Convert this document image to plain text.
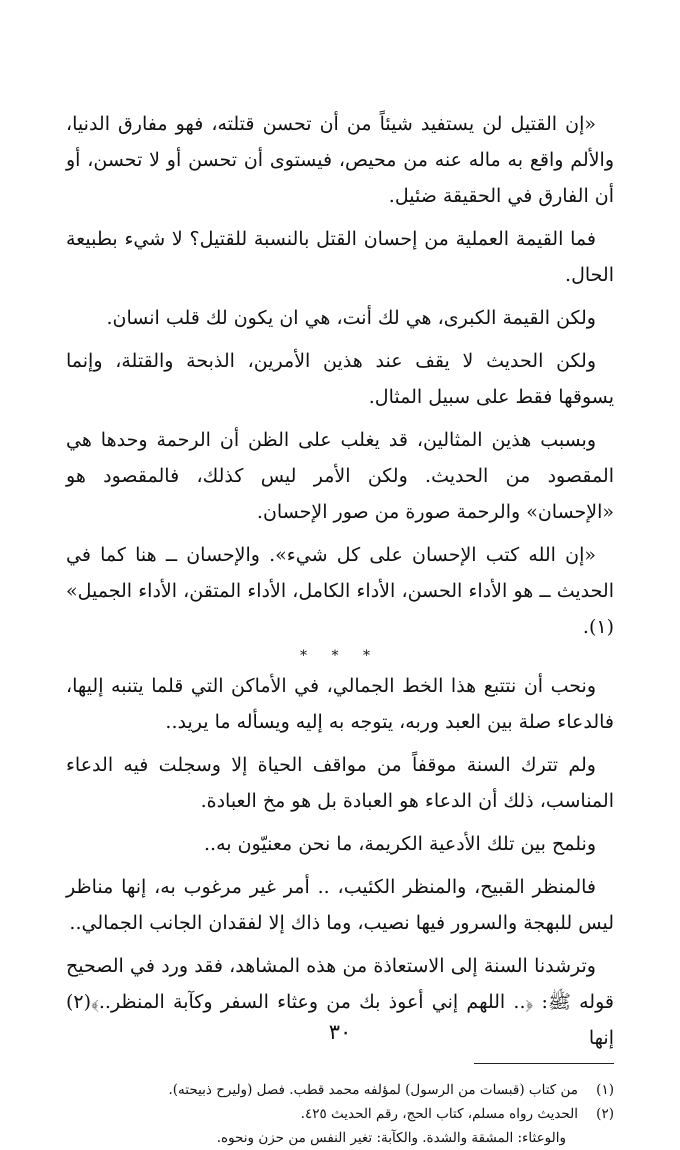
«إن القتيل لن يستفيد شيئاً من أن تحسن قتلته، فهو مفارق الدنيا، والألم واقع به ماله عنه من محيص، فيستوى أن تحسن أو لا تحسن، أو أن الفارق في الحقيقة ضئيل.

فما القيمة العملية من إحسان القتل بالنسبة للقتيل؟ لا شيء بطبيعة الحال.

ولكن القيمة الكبرى، هي لك أنت، هي ان يكون لك قلب انسان.

ولكن الحديث لا يقف عند هذين الأمرين، الذبحة والقتلة، وإنما يسوقها فقط على سبيل المثال.

وبسبب هذين المثالين، قد يغلب على الظن أن الرحمة وحدها هي المقصود من الحديث. ولكن الأمر ليس كذلك، فالمقصود هو «الإحسان» والرحمة صورة من صور الإحسان.

«إن الله كتب الإحسان على كل شيء». والإحسان ــ هنا كما في الحديث ــ هو الأداء الحسن، الأداء الكامل، الأداء المتقن، الأداء الجميل» (١).

* * *

ونحب أن نتتبع هذا الخط الجمالي، في الأماكن التي قلما يتنبه إليها، فالدعاء صلة بين العبد وربه، يتوجه به إليه ويسأله ما يريد..

ولم تترك السنة موقفاً من مواقف الحياة إلا وسجلت فيه الدعاء المناسب، ذلك أن الدعاء هو العبادة بل هو مخ العبادة.

ونلمح بين تلك الأدعية الكريمة، ما نحن معنيّون به..

فالمنظر القبيح، والمنظر الكئيب، .. أمر غير مرغوب به، إنها مناظر ليس للبهجة والسرور فيها نصيب، وما ذاك إلا لفقدان الجانب الجمالي..

وترشدنا السنة إلى الاستعاذة من هذه المشاهد، فقد ورد في الصحيح قوله ﷺ: ﴿.. اللهم إني أعوذ بك من وعثاء السفر وكآبة المنظر..﴾(٢) إنها

(١)
من كتاب (قبسات من الرسول) لمؤلفه محمد قطب. فصل (وليرح ذبيحته).
(٢)
الحديث رواه مسلم، كتاب الحج، رقم الحديث ٤٢٥.
والوعثاء: المشقة والشدة. والكآبة: تغير النفس من حزن ونحوه.
٣٠
